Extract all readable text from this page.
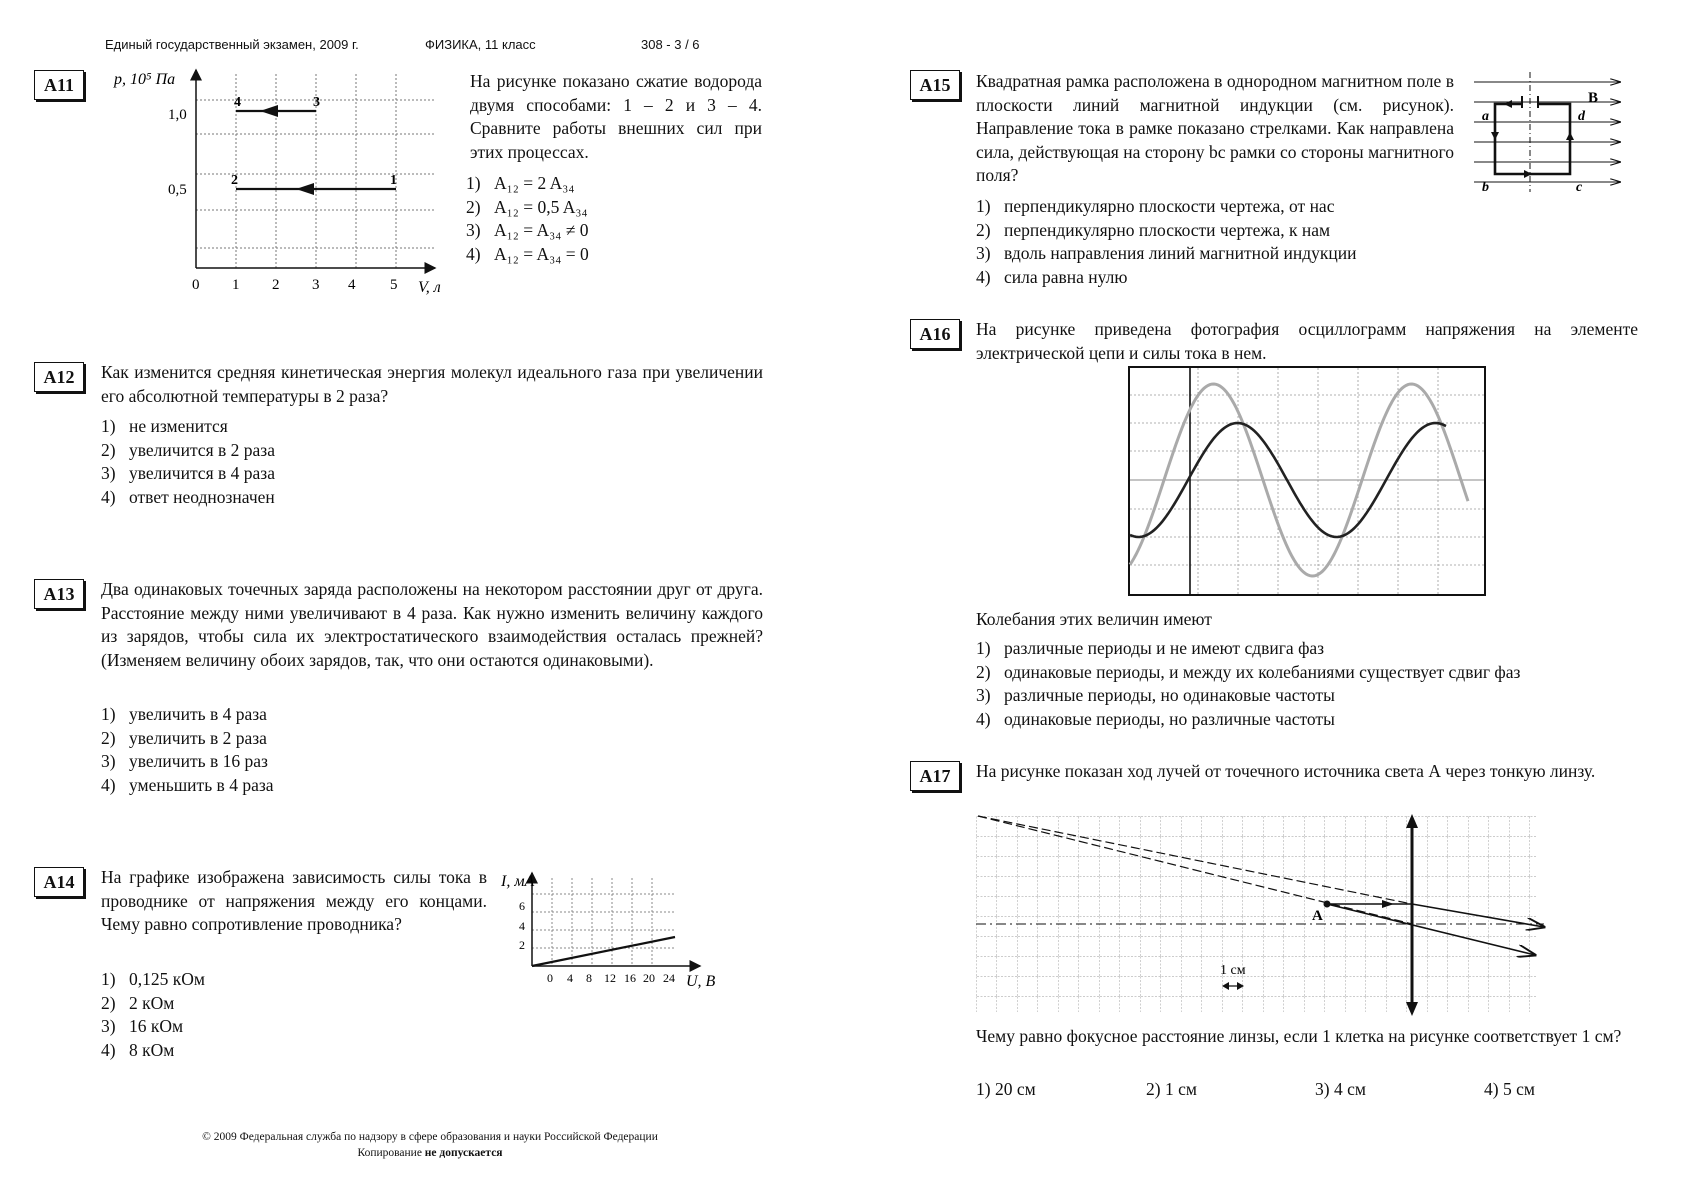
Единый государственный экзамен, 2009 г.	ФИЗИКА, 11 класс	308 - 3 / 6
A11	p, 10⁵ Па
1,0
0,5
4	3
2	1
0 1 2 3 4 5 V, л
На рисунке показано сжатие водорода двумя способами: 1 – 2 и 3 – 4. Сравните работы внешних сил при этих процессах.
1) A₁₂ = 2 A₃₄
2) A₁₂ = 0,5 A₃₄
3) A₁₂ = A₃₄ ≠ 0
4) A₁₂ = A₃₄ = 0
A12	Как изменится средняя кинетическая энергия молекул идеального газа при увеличении его абсолютной температуры в 2 раза?
1) не изменится
2) увеличится в 2 раза
3) увеличится в 4 раза
4) ответ неоднозначен
A13	Два одинаковых точечных заряда расположены на некотором расстоянии друг от друга. Расстояние между ними увеличивают в 4 раза. Как нужно изменить величину каждого из зарядов, чтобы сила их электростатического взаимодействия осталась прежней? (Изменяем величину обоих зарядов, так, что они остаются одинаковыми).
1) увеличить в 4 раза
2) увеличить в 2 раза
3) увеличить в 16 раз
4) уменьшить в 4 раза
A14	На графике изображена зависимость силы тока в проводнике от напряжения между его концами. Чему равно сопротивление проводника?
1) 0,125 кОм
2) 2 кОм
3) 16 кОм
4) 8 кОм
I, мА
6
4
2
0 4 8 12 16 20 24 U, В
A15	Квадратная рамка расположена в однородном магнитном поле в плоскости линий магнитной индукции (см. рисунок). Направление тока в рамке показано стрелками. Как направлена сила, действующая на сторону bc рамки со стороны магнитного поля?
1) перпендикулярно плоскости чертежа, от нас
2) перпендикулярно плоскости чертежа, к нам
3) вдоль направления линий магнитной индукции
4) сила равна нулю
B
a	d
b	c
A16	На рисунке приведена фотография осциллограмм напряжения на элементе электрической цепи и силы тока в нем.
Колебания этих величин имеют
1) различные периоды и не имеют сдвига фаз
2) одинаковые периоды, и между их колебаниями существует сдвиг фаз
3) различные периоды, но одинаковые частоты
4) одинаковые периоды, но различные частоты
A17	На рисунке показан ход лучей от точечного источника света А через тонкую линзу.
A
1 см
Чему равно фокусное расстояние линзы, если 1 клетка на рисунке соответствует 1 см?
1) 20 см	2) 1 см	3) 4 см	4) 5 см
© 2009 Федеральная служба по надзору в сфере образования и науки Российской Федерации
Копирование не допускается
